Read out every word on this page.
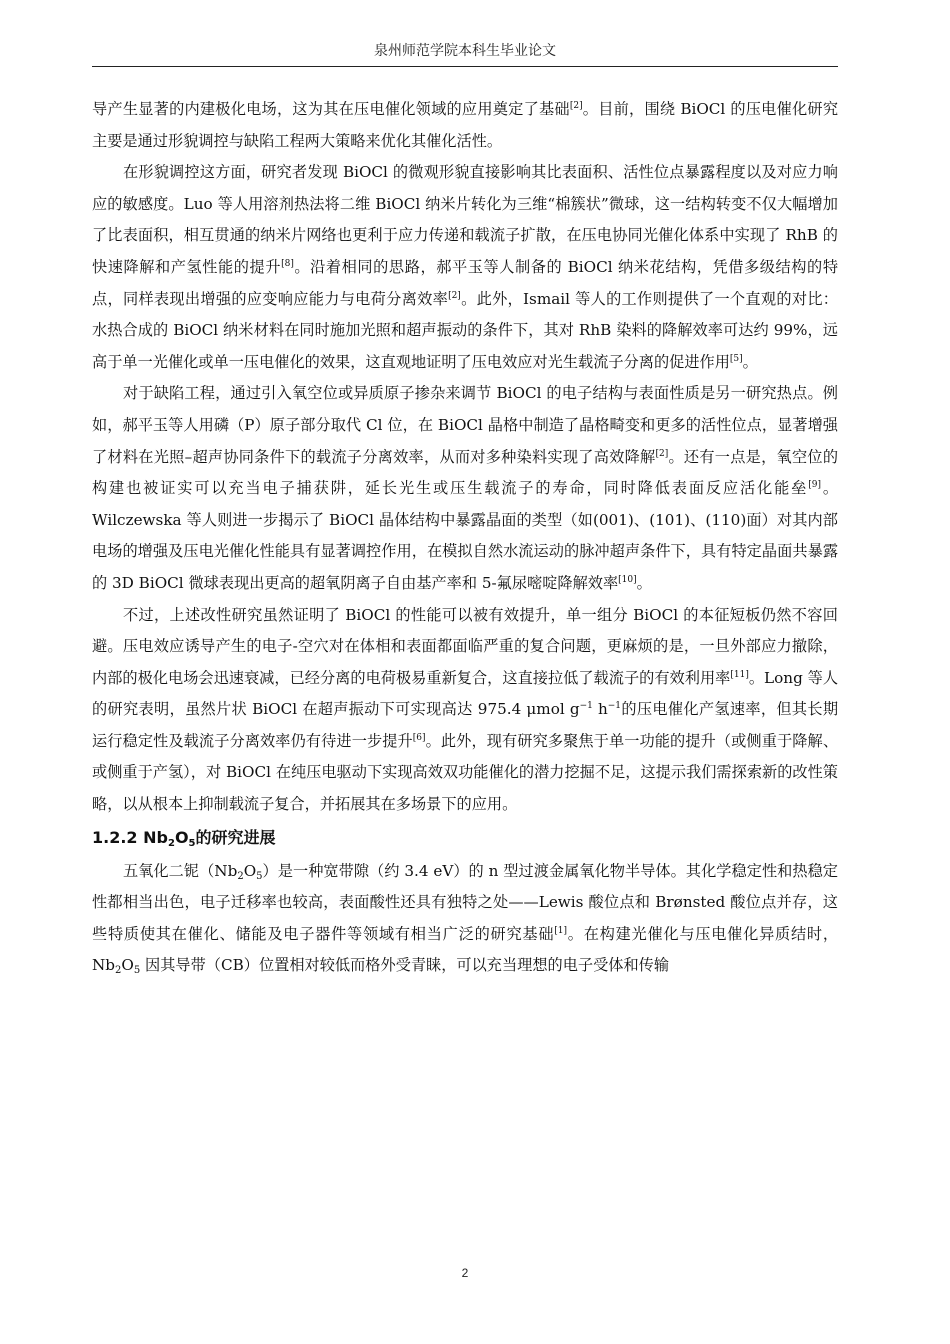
泉州师范学院本科生毕业论文

导产生显著的内建极化电场，这为其在压电催化领域的应用奠定了基础[2]。目前，围绕 BiOCl 的压电催化研究主要是通过形貌调控与缺陷工程两大策略来优化其催化活性。

在形貌调控这方面，研究者发现 BiOCl 的微观形貌直接影响其比表面积、活性位点暴露程度以及对应力响应的敏感度。Luo 等人用溶剂热法将二维 BiOCl 纳米片转化为三维“棉簇状”微球，这一结构转变不仅大幅增加了比表面积，相互贯通的纳米片网络也更利于应力传递和载流子扩散，在压电协同光催化体系中实现了 RhB 的快速降解和产氢性能的提升[8]。沿着相同的思路，郝平玉等人制备的 BiOCl 纳米花结构，凭借多级结构的特点，同样表现出增强的应变响应能力与电荷分离效率[2]。此外，Ismail 等人的工作则提供了一个直观的对比：水热合成的 BiOCl 纳米材料在同时施加光照和超声振动的条件下，其对 RhB 染料的降解效率可达约 99%，远高于单一光催化或单一压电催化的效果，这直观地证明了压电效应对光生载流子分离的促进作用[5]。

对于缺陷工程，通过引入氧空位或异质原子掺杂来调节 BiOCl 的电子结构与表面性质是另一研究热点。例如，郝平玉等人用磷（P）原子部分取代 Cl 位，在 BiOCl 晶格中制造了晶格畸变和更多的活性位点，显著增强了材料在光照–超声协同条件下的载流子分离效率，从而对多种染料实现了高效降解[2]。还有一点是，氧空位的构建也被证实可以充当电子捕获阱，延长光生或压生载流子的寿命，同时降低表面反应活化能垒[9]。Wilczewska 等人则进一步揭示了 BiOCl 晶体结构中暴露晶面的类型（如(001)、(101)、(110)面）对其内部电场的增强及压电光催化性能具有显著调控作用，在模拟自然水流运动的脉冲超声条件下，具有特定晶面共暴露的 3D BiOCl 微球表现出更高的超氧阴离子自由基产率和 5-氟尿嘧啶降解效率[10]。

不过，上述改性研究虽然证明了 BiOCl 的性能可以被有效提升，单一组分 BiOCl 的本征短板仍然不容回避。压电效应诱导产生的电子-空穴对在体相和表面都面临严重的复合问题，更麻烦的是，一旦外部应力撤除，内部的极化电场会迅速衰减，已经分离的电荷极易重新复合，这直接拉低了载流子的有效利用率[11]。Long 等人的研究表明，虽然片状 BiOCl 在超声振动下可实现高达 975.4 μmol $g^{-1}$ $h^{-1}$的压电催化产氢速率，但其长期运行稳定性及载流子分离效率仍有待进一步提升[6]。此外，现有研究多聚焦于单一功能的提升（或侧重于降解、或侧重于产氢），对 BiOCl 在纯压电驱动下实现高效双功能催化的潜力挖掘不足，这提示我们需探索新的改性策略，以从根本上抑制载流子复合，并拓展其在多场景下的应用。

1.2.2 $Nb_2O_5$的研究进展

五氧化二铌$(Nb_2O_5)$是一种宽带隙（约 3.4 eV）的 n 型过渡金属氧化物半导体。其化学稳定性和热稳定性都相当出色，电子迁移率也较高，表面酸性还具有独特之处——Lewis 酸位点和 Brønsted 酸位点并存，这些特质使其在催化、储能及电子器件等领域有相当广泛的研究基础[1]。在构建光催化与压电催化异质结时，$Nb_2O_5$ 因其导带（CB）位置相对较低而格外受青睐，可以充当理想的电子受体和传输

2
